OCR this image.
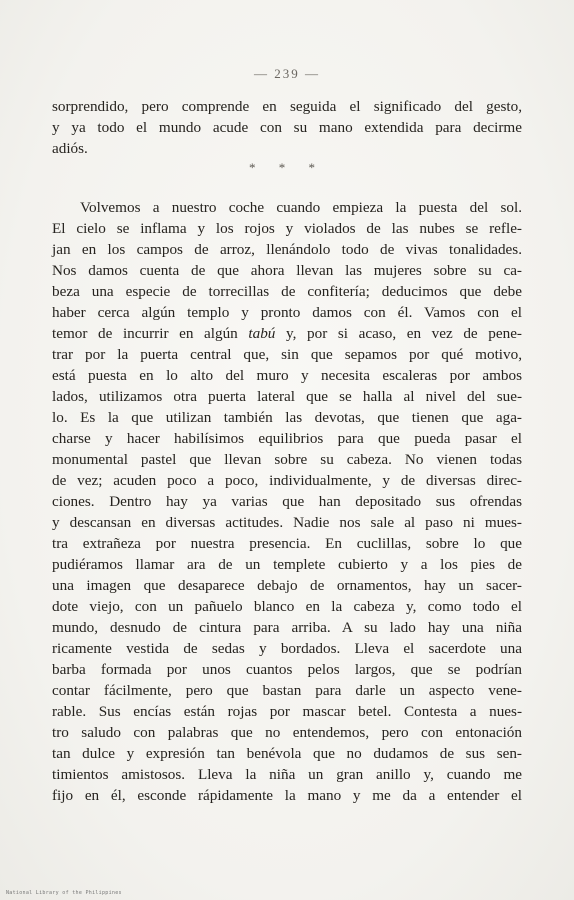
— 239 —
sorprendido, pero comprende en seguida el significado del gesto,
y ya todo el mundo acude con su mano extendida para decirme
adiós.
* * *
Volvemos a nuestro coche cuando empieza la puesta del sol.
El cielo se inflama y los rojos y violados de las nubes se refle-
jan en los campos de arroz, llenándolo todo de vivas tonalidades.
Nos damos cuenta de que ahora llevan las mujeres sobre su ca-
beza una especie de torrecillas de confitería; deducimos que debe
haber cerca algún templo y pronto damos con él. Vamos con el
temor de incurrir en algún tabú y, por si acaso, en vez de pene-
trar por la puerta central que, sin que sepamos por qué motivo,
está puesta en lo alto del muro y necesita escaleras por ambos
lados, utilizamos otra puerta lateral que se halla al nivel del sue-
lo. Es la que utilizan también las devotas, que tienen que aga-
charse y hacer habilísimos equilibrios para que pueda pasar el
monumental pastel que llevan sobre su cabeza. No vienen todas
de vez; acuden poco a poco, individualmente, y de diversas direc-
ciones. Dentro hay ya varias que han depositado sus ofrendas
y descansan en diversas actitudes. Nadie nos sale al paso ni mues-
tra extrañeza por nuestra presencia. En cuclillas, sobre lo que
pudiéramos llamar ara de un templete cubierto y a los pies de
una imagen que desaparece debajo de ornamentos, hay un sacer-
dote viejo, con un pañuelo blanco en la cabeza y, como todo el
mundo, desnudo de cintura para arriba. A su lado hay una niña
ricamente vestida de sedas y bordados. Lleva el sacerdote una
barba formada por unos cuantos pelos largos, que se podrían
contar fácilmente, pero que bastan para darle un aspecto vene-
rable. Sus encías están rojas por mascar betel. Contesta a nues-
tro saludo con palabras que no entendemos, pero con entonación
tan dulce y expresión tan benévola que no dudamos de sus sen-
timientos amistosos. Lleva la niña un gran anillo y, cuando me
fijo en él, esconde rápidamente la mano y me da a entender el
National Library of the Philippines
